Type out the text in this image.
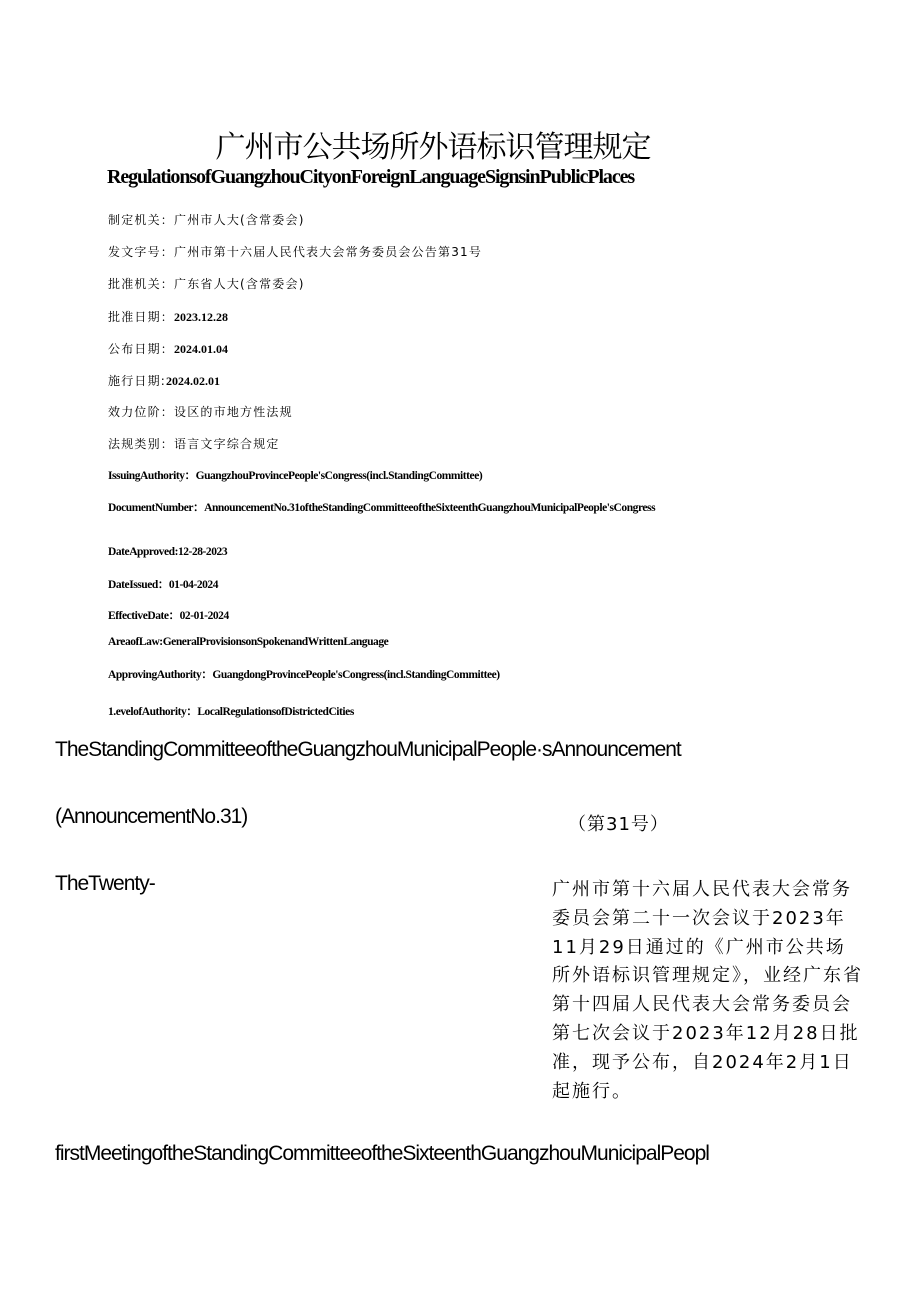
广州市公共场所外语标识管理规定
RegulationsofGuangzhouCityonForeignLanguageSignsinPublicPlaces
制定机关：广州市人大(含常委会)
发文字号：广州市第十六届人民代表大会常务委员会公告第31号
批准机关：广东省人大(含常委会)
批准日期：2023.12.28
公布日期：2024.01.04
施行日期:2024.02.01
效力位阶：设区的市地方性法规
法规类别：语言文字综合规定
IssuingAuthority：GuangzhouProvincePeople'sCongress(incl.StandingCommittee)
DocumentNumber：AnnouncementNo.31oftheStandingCommitteeoftheSixteenthGuangzhouMunicipalPeople'sCongress
DateApproved:12-28-2023
DateIssued：01-04-2024
EffectiveDate：02-01-2024
AreaofLaw:GeneralProvisionsonSpokenandWrittenLanguage
ApprovingAuthority：GuangdongProvincePeople'sCongress(incl.StandingCommittee)
1.evelofAuthority：LocalRegulationsofDistrictedCities
TheStandingCommitteeoftheGuangzhouMunicipalPeople·sAnnouncement
(AnnouncementNo.31)	（第31号）
TheTwenty-	广州市第十六届人民代表大会常务委员会第二十一次会议于2023年11月29日通过的《广州市公共场所外语标识管理规定》，业经广东省第十四届人民代表大会常务委员会第七次会议于2023年12月28日批准，现予公布，自2024年2月1日起施行。
firstMeetingoftheStandingCommitteeoftheSixteenthGuangzhouMunicipalPeopl
